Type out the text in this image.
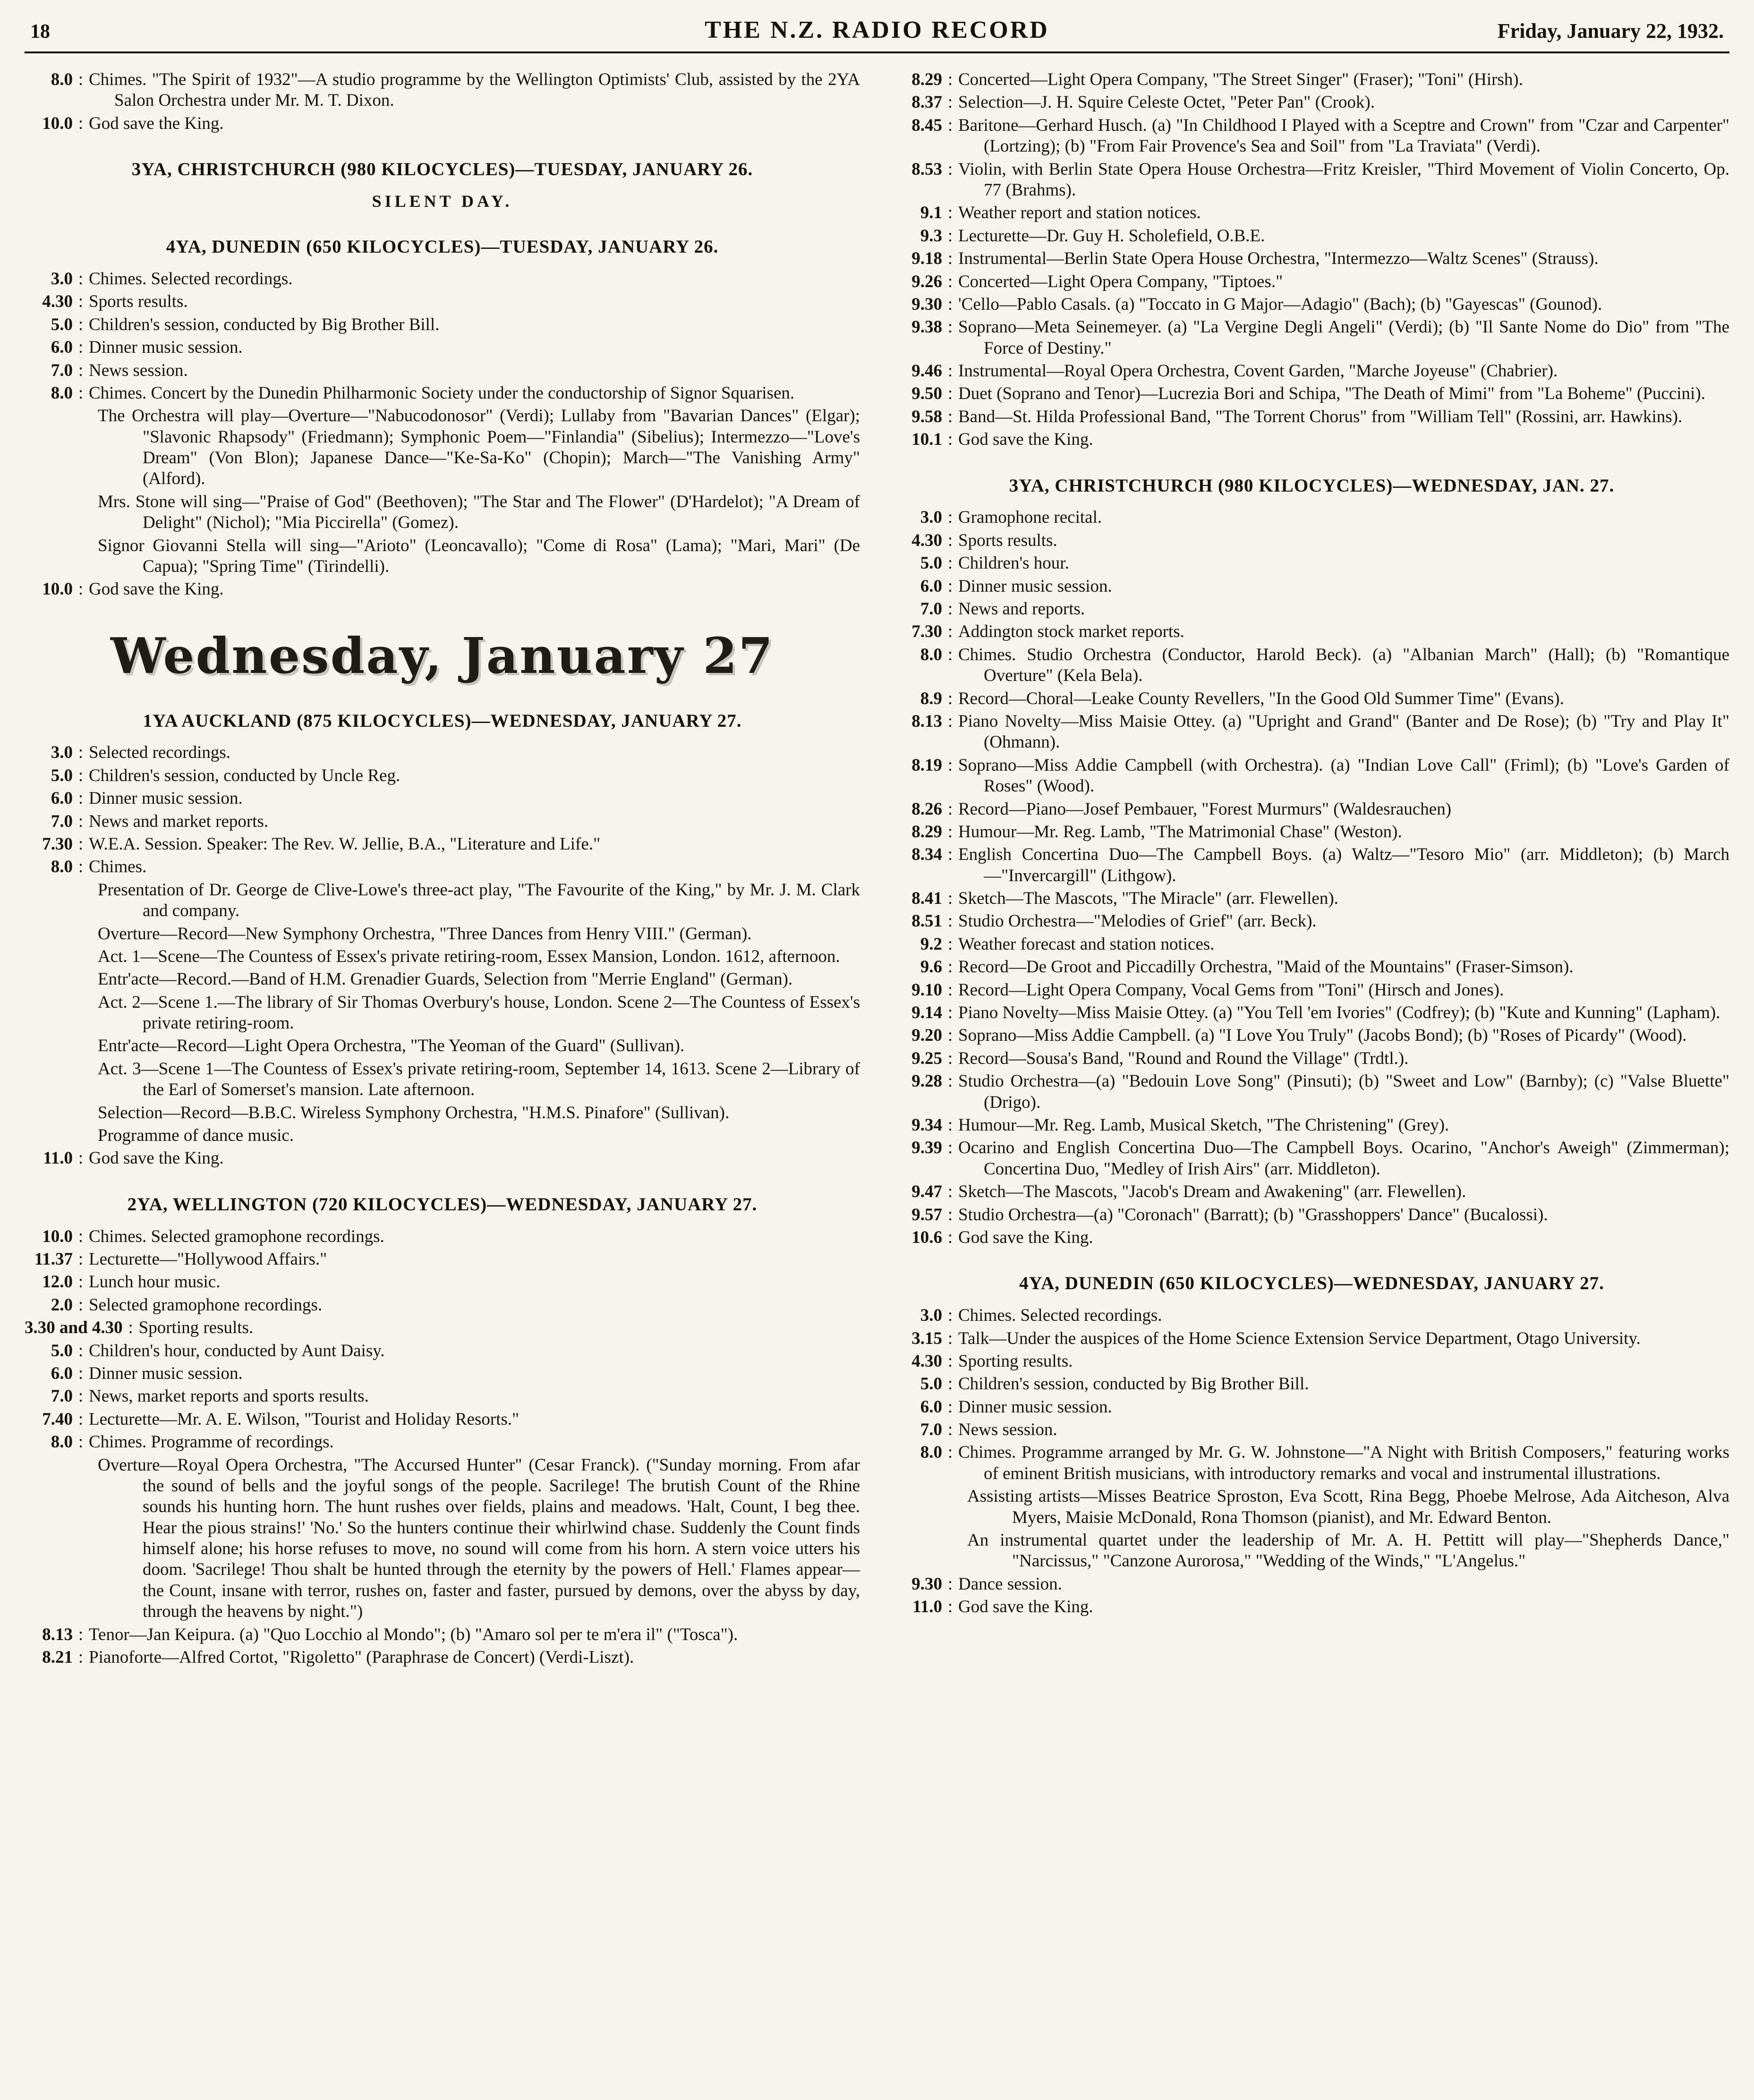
18	THE N.Z. RADIO RECORD	Friday, January 22, 1932.

8.0 : Chimes. "The Spirit of 1932"—A studio programme by the Wellington Optimists' Club, assisted by the 2YA Salon Orchestra under Mr. M. T. Dixon.

10.0 : God save the King.

3YA, CHRISTCHURCH (980 KILOCYCLES)—TUESDAY, JANUARY 26.
SILENT DAY.
4YA, DUNEDIN (650 KILOCYCLES)—TUESDAY, JANUARY 26.

3.0 : Chimes. Selected recordings.

4.30 : Sports results.

5.0 : Children's session, conducted by Big Brother Bill.

6.0 : Dinner music session.

7.0 : News session.

8.0 : Chimes. Concert by the Dunedin Philharmonic Society under the conductorship of Signor Squarisen.

The Orchestra will play—Overture—"Nabucodonosor" (Verdi); Lullaby from "Bavarian Dances" (Elgar); "Slavonic Rhapsody" (Friedmann); Symphonic Poem—"Finlandia" (Sibelius); Intermezzo—"Love's Dream" (Von Blon); Japanese Dance—"Ke-Sa-Ko" (Chopin); March—"The Vanishing Army" (Alford).

Mrs. Stone will sing—"Praise of God" (Beethoven); "The Star and The Flower" (D'Hardelot); "A Dream of Delight" (Nichol); "Mia Piccirella" (Gomez).

Signor Giovanni Stella will sing—"Arioto" (Leoncavallo); "Come di Rosa" (Lama); "Mari, Mari" (De Capua); "Spring Time" (Tirindelli).

10.0 : God save the King.

Wednesday, January 27
1YA AUCKLAND (875 KILOCYCLES)—WEDNESDAY, JANUARY 27.

3.0 : Selected recordings.

5.0 : Children's session, conducted by Uncle Reg.

6.0 : Dinner music session.

7.0 : News and market reports.

7.30 : W.E.A. Session. Speaker: The Rev. W. Jellie, B.A., "Literature and Life."

8.0 : Chimes.

Presentation of Dr. George de Clive-Lowe's three-act play, "The Favourite of the King," by Mr. J. M. Clark and company.

Overture—Record—New Symphony Orchestra, "Three Dances from Henry VIII." (German).

Act. 1—Scene—The Countess of Essex's private retiring-room, Essex Mansion, London. 1612, afternoon.

Entr'acte—Record.—Band of H.M. Grenadier Guards, Selection from "Merrie England" (German).

Act. 2—Scene 1.—The library of Sir Thomas Overbury's house, London. Scene 2—The Countess of Essex's private retiring-room.

Entr'acte—Record—Light Opera Orchestra, "The Yeoman of the Guard" (Sullivan).

Act. 3—Scene 1—The Countess of Essex's private retiring-room, September 14, 1613. Scene 2—Library of the Earl of Somerset's mansion. Late afternoon.

Selection—Record—B.B.C. Wireless Symphony Orchestra, "H.M.S. Pinafore" (Sullivan).

Programme of dance music.

11.0 : God save the King.

2YA, WELLINGTON (720 KILOCYCLES)—WEDNESDAY, JANUARY 27.

10.0 : Chimes. Selected gramophone recordings.

11.37 : Lecturette—"Hollywood Affairs."

12.0 : Lunch hour music.

2.0 : Selected gramophone recordings.

3.30 and 4.30 : Sporting results.

5.0 : Children's hour, conducted by Aunt Daisy.

6.0 : Dinner music session.

7.0 : News, market reports and sports results.

7.40 : Lecturette—Mr. A. E. Wilson, "Tourist and Holiday Resorts."

8.0 : Chimes. Programme of recordings.

Overture—Royal Opera Orchestra, "The Accursed Hunter" (Cesar Franck). ("Sunday morning. From afar the sound of bells and the joyful songs of the people. Sacrilege! The brutish Count of the Rhine sounds his hunting horn. The hunt rushes over fields, plains and meadows. 'Halt, Count, I beg thee. Hear the pious strains!' 'No.' So the hunters continue their whirlwind chase. Suddenly the Count finds himself alone; his horse refuses to move, no sound will come from his horn. A stern voice utters his doom. 'Sacrilege! Thou shalt be hunted through the eternity by the powers of Hell.' Flames appear—the Count, insane with terror, rushes on, faster and faster, pursued by demons, over the abyss by day, through the heavens by night.")

8.13 : Tenor—Jan Keipura. (a) "Quo Locchio al Mondo"; (b) "Amaro sol per te m'era il" ("Tosca").

8.21 : Pianoforte—Alfred Cortot, "Rigoletto" (Paraphrase de Concert) (Verdi-Liszt).

8.29 : Concerted—Light Opera Company, "The Street Singer" (Fraser); "Toni" (Hirsh).

8.37 : Selection—J. H. Squire Celeste Octet, "Peter Pan" (Crook).

8.45 : Baritone—Gerhard Husch. (a) "In Childhood I Played with a Sceptre and Crown" from "Czar and Carpenter" (Lortzing); (b) "From Fair Provence's Sea and Soil" from "La Traviata" (Verdi).

8.53 : Violin, with Berlin State Opera House Orchestra—Fritz Kreisler, "Third Movement of Violin Concerto, Op. 77 (Brahms).

9.1 : Weather report and station notices.

9.3 : Lecturette—Dr. Guy H. Scholefield, O.B.E.

9.18 : Instrumental—Berlin State Opera House Orchestra, "Intermezzo—Waltz Scenes" (Strauss).

9.26 : Concerted—Light Opera Company, "Tiptoes."

9.30 : 'Cello—Pablo Casals. (a) "Toccato in G Major—Adagio" (Bach); (b) "Gayescas" (Gounod).

9.38 : Soprano—Meta Seinemeyer. (a) "La Vergine Degli Angeli" (Verdi); (b) "Il Sante Nome do Dio" from "The Force of Destiny."

9.46 : Instrumental—Royal Opera Orchestra, Covent Garden, "Marche Joyeuse" (Chabrier).

9.50 : Duet (Soprano and Tenor)—Lucrezia Bori and Schipa, "The Death of Mimi" from "La Boheme" (Puccini).

9.58 : Band—St. Hilda Professional Band, "The Torrent Chorus" from "William Tell" (Rossini, arr. Hawkins).

10.1 : God save the King.

3YA, CHRISTCHURCH (980 KILOCYCLES)—WEDNESDAY, JAN. 27.

3.0 : Gramophone recital.

4.30 : Sports results.

5.0 : Children's hour.

6.0 : Dinner music session.

7.0 : News and reports.

7.30 : Addington stock market reports.

8.0 : Chimes. Studio Orchestra (Conductor, Harold Beck). (a) "Albanian March" (Hall); (b) "Romantique Overture" (Kela Bela).

8.9 : Record—Choral—Leake County Revellers, "In the Good Old Summer Time" (Evans).

8.13 : Piano Novelty—Miss Maisie Ottey. (a) "Upright and Grand" (Banter and De Rose); (b) "Try and Play It" (Ohmann).

8.19 : Soprano—Miss Addie Campbell (with Orchestra). (a) "Indian Love Call" (Friml); (b) "Love's Garden of Roses" (Wood).

8.26 : Record—Piano—Josef Pembauer, "Forest Murmurs" (Waldesrauchen)

8.29 : Humour—Mr. Reg. Lamb, "The Matrimonial Chase" (Weston).

8.34 : English Concertina Duo—The Campbell Boys. (a) Waltz—"Tesoro Mio" (arr. Middleton); (b) March—"Invercargill" (Lithgow).

8.41 : Sketch—The Mascots, "The Miracle" (arr. Flewellen).

8.51 : Studio Orchestra—"Melodies of Grief" (arr. Beck).

9.2 : Weather forecast and station notices.

9.6 : Record—De Groot and Piccadilly Orchestra, "Maid of the Mountains" (Fraser-Simson).

9.10 : Record—Light Opera Company, Vocal Gems from "Toni" (Hirsch and Jones).

9.14 : Piano Novelty—Miss Maisie Ottey. (a) "You Tell 'em Ivories" (Codfrey); (b) "Kute and Kunning" (Lapham).

9.20 : Soprano—Miss Addie Campbell. (a) "I Love You Truly" (Jacobs Bond); (b) "Roses of Picardy" (Wood).

9.25 : Record—Sousa's Band, "Round and Round the Village" (Trdtl.).

9.28 : Studio Orchestra—(a) "Bedouin Love Song" (Pinsuti); (b) "Sweet and Low" (Barnby); (c) "Valse Bluette" (Drigo).

9.34 : Humour—Mr. Reg. Lamb, Musical Sketch, "The Christening" (Grey).

9.39 : Ocarino and English Concertina Duo—The Campbell Boys. Ocarino, "Anchor's Aweigh" (Zimmerman); Concertina Duo, "Medley of Irish Airs" (arr. Middleton).

9.47 : Sketch—The Mascots, "Jacob's Dream and Awakening" (arr. Flewellen).

9.57 : Studio Orchestra—(a) "Coronach" (Barratt); (b) "Grasshoppers' Dance" (Bucalossi).

10.6 : God save the King.

4YA, DUNEDIN (650 KILOCYCLES)—WEDNESDAY, JANUARY 27.

3.0 : Chimes. Selected recordings.

3.15 : Talk—Under the auspices of the Home Science Extension Service Department, Otago University.

4.30 : Sporting results.

5.0 : Children's session, conducted by Big Brother Bill.

6.0 : Dinner music session.

7.0 : News session.

8.0 : Chimes. Programme arranged by Mr. G. W. Johnstone—"A Night with British Composers," featuring works of eminent British musicians, with introductory remarks and vocal and instrumental illustrations.

Assisting artists—Misses Beatrice Sproston, Eva Scott, Rina Begg, Phoebe Melrose, Ada Aitcheson, Alva Myers, Maisie McDonald, Rona Thomson (pianist), and Mr. Edward Benton.

An instrumental quartet under the leadership of Mr. A. H. Pettitt will play—"Shepherds Dance," "Narcissus," "Canzone Aurorosa," "Wedding of the Winds," "L'Angelus."

9.30 : Dance session.

11.0 : God save the King.
